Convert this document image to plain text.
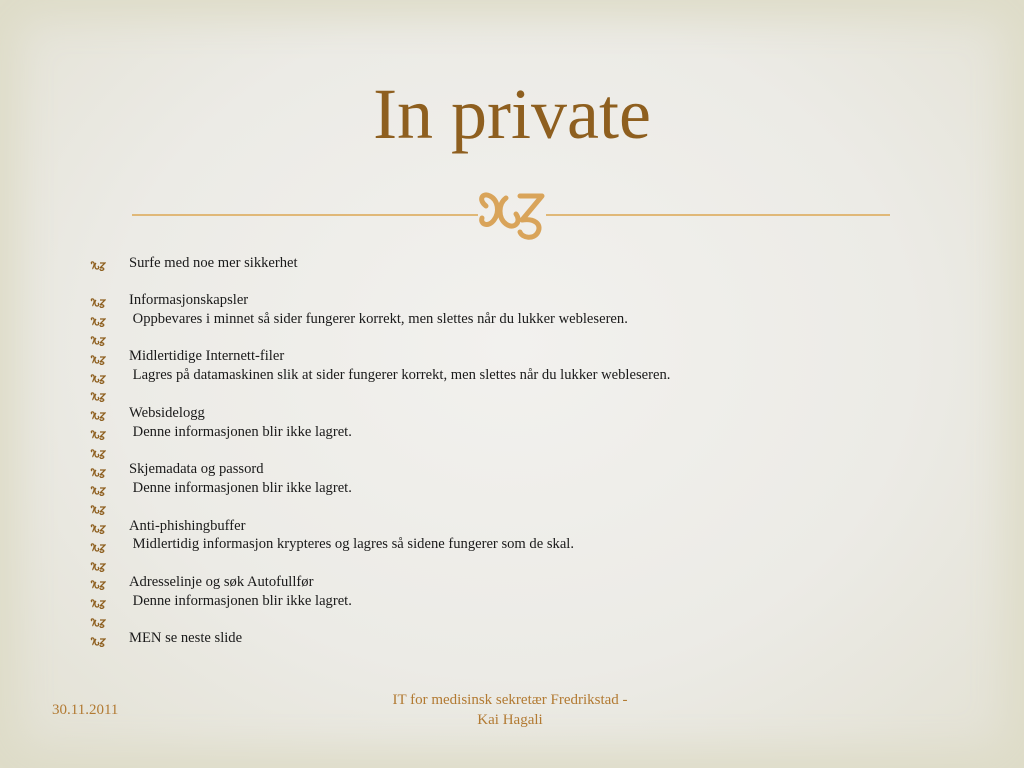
In private
Surfe med noe mer sikkerhet
Informasjonskapsler
Oppbevares i minnet så sider fungerer korrekt, men slettes når du lukker webleseren.
Midlertidige Internett-filer
Lagres på datamaskinen slik at sider fungerer korrekt, men slettes når du lukker webleseren.
Websidelogg
Denne informasjonen blir ikke lagret.
Skjemadata og passord
Denne informasjonen blir ikke lagret.
Anti-phishingbuffer
Midlertidig informasjon krypteres og lagres så sidene fungerer som de skal.
Adresselinje og søk Autofullfør
Denne informasjonen blir ikke lagret.
MEN se neste slide
30.11.2011
IT for medisinsk sekretær Fredrikstad -
Kai Hagali
